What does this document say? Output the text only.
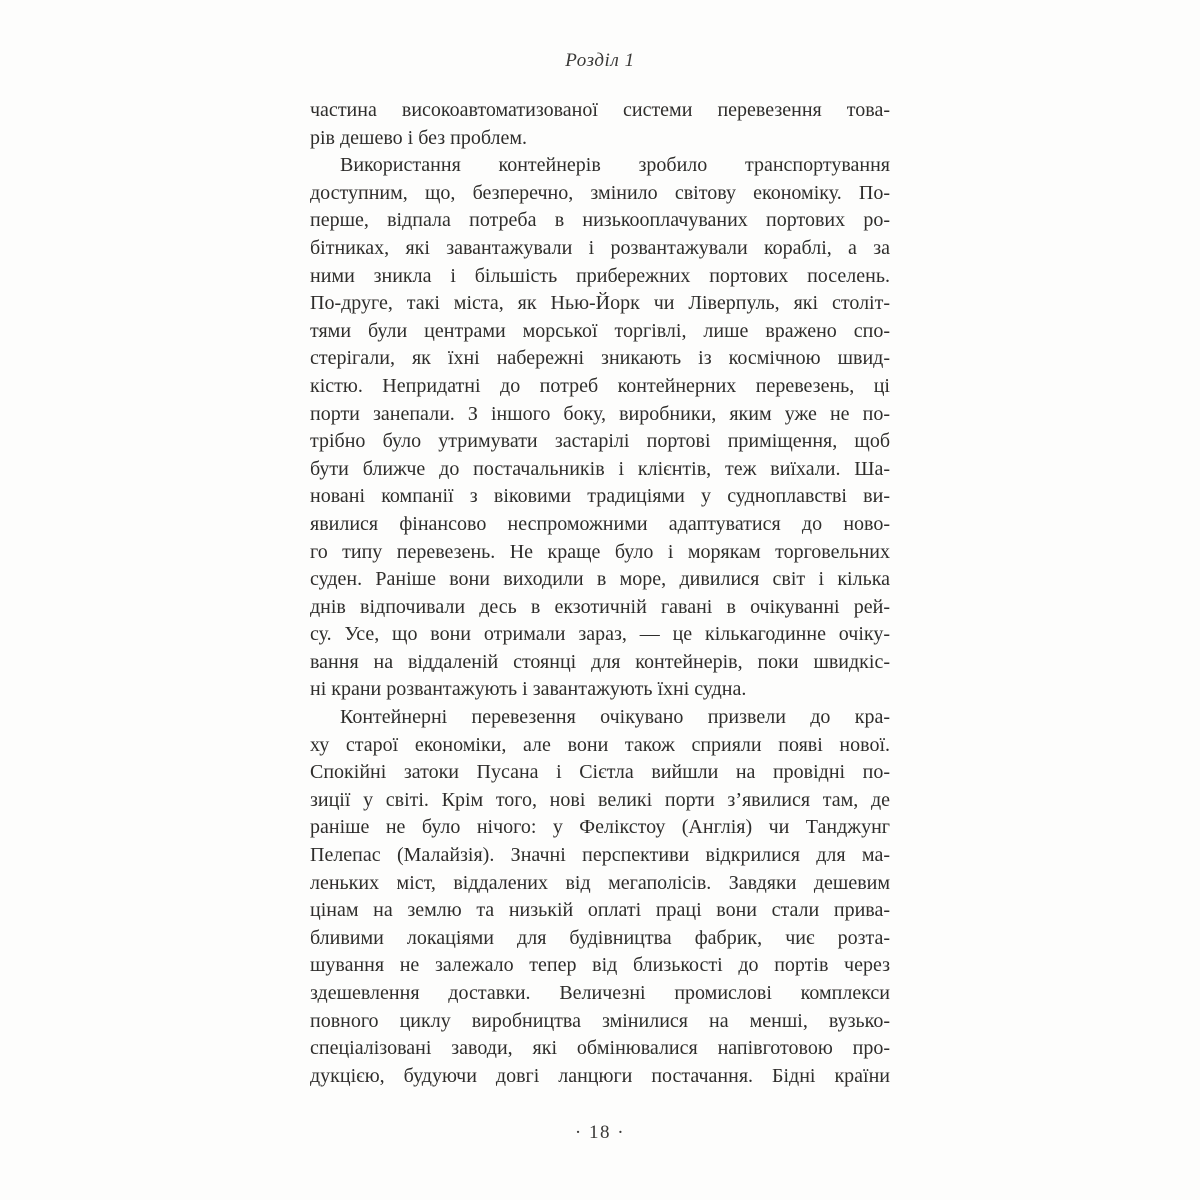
Розділ 1
частина високоавтоматизованої системи перевезення това-
рів дешево і без проблем.
Використання контейнерів зробило транспортування
доступним, що, безперечно, змінило світову економіку. По-
перше, відпала потреба в низькооплачуваних портових ро-
бітниках, які завантажували і розвантажували кораблі, а за
ними зникла і більшість прибережних портових поселень.
По-друге, такі міста, як Нью-Йорк чи Ліверпуль, які століт-
тями були центрами морської торгівлі, лише вражено спо-
стерігали, як їхні набережні зникають із космічною швид-
кістю. Непридатні до потреб контейнерних перевезень, ці
порти занепали. З іншого боку, виробники, яким уже не по-
трібно було утримувати застарілі портові приміщення, щоб
бути ближче до постачальників і клієнтів, теж виїхали. Ша-
новані компанії з віковими традиціями у судноплавстві ви-
явилися фінансово неспроможними адаптуватися до ново-
го типу перевезень. Не краще було і морякам торговельних
суден. Раніше вони виходили в море, дивилися світ і кілька
днів відпочивали десь в екзотичній гавані в очікуванні рей-
су. Усе, що вони отримали зараз, — це кількагодинне очіку-
вання на віддаленій стоянці для контейнерів, поки швидкіс-
ні крани розвантажують і завантажують їхні судна.
Контейнерні перевезення очікувано призвели до кра-
ху старої економіки, але вони також сприяли появі нової.
Спокійні затоки Пусана і Сієтла вийшли на провідні по-
зиції у світі. Крім того, нові великі порти з’явилися там, де
раніше не було нічого: у Фелікстоу (Англія) чи Танджунг
Пелепас (Малайзія). Значні перспективи відкрилися для ма-
леньких міст, віддалених від мегаполісів. Завдяки дешевим
цінам на землю та низькій оплаті праці вони стали прива-
бливими локаціями для будівництва фабрик, чиє розта-
шування не залежало тепер від близькості до портів через
здешевлення доставки. Величезні промислові комплекси
повного циклу виробництва змінилися на менші, вузько-
спеціалізовані заводи, які обмінювалися напівготовою про-
дукцією, будуючи довгі ланцюги постачання. Бідні країни
· 18 ·
